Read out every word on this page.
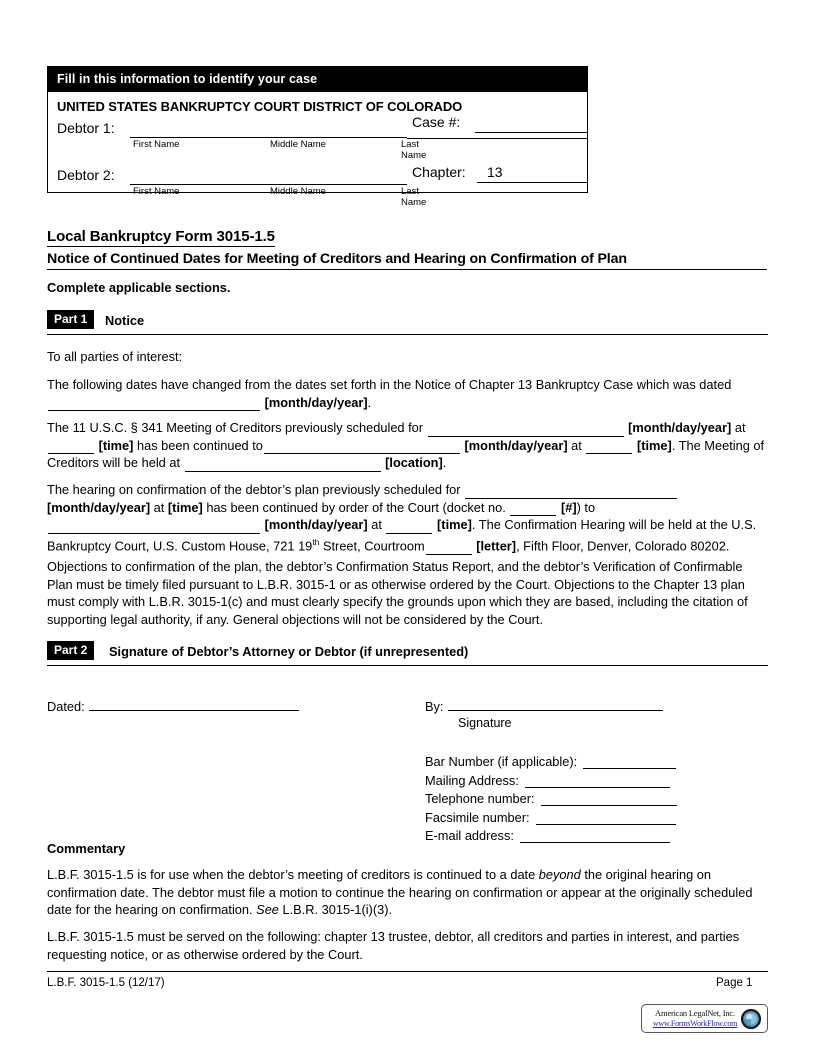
Fill in this information to identify your case
UNITED STATES BANKRUPTCY COURT DISTRICT OF COLORADO
Debtor 1:
First Name	Middle Name	Last Name
Debtor 2:
First Name	Middle Name	Last Name
Case #:
Chapter: 13
Local Bankruptcy Form 3015-1.5
Notice of Continued Dates for Meeting of Creditors and Hearing on Confirmation of Plan
Complete applicable sections.
Part 1	Notice
To all parties of interest:
The following dates have changed from the dates set forth in the Notice of Chapter 13 Bankruptcy Case which was dated
[month/day/year].
The 11 U.S.C. § 341 Meeting of Creditors previously scheduled for	[month/day/year] at  [time] has been continued to	[month/day/year] at	[time]. The Meeting of Creditors will be held at	[location].
The hearing on confirmation of the debtor’s plan previously scheduled for
[month/day/year] at [time] has been continued by order of the Court (docket no.	[#]) to
[month/day/year] at	[time]. The Confirmation Hearing will be held at the U.S. Bankruptcy Court, U.S. Custom House, 721 19th Street, Courtroom	[letter], Fifth Floor, Denver, Colorado 80202.
Objections to confirmation of the plan, the debtor’s Confirmation Status Report, and the debtor’s Verification of Confirmable Plan must be timely filed pursuant to L.B.R. 3015-1 or as otherwise ordered by the Court. Objections to the Chapter 13 plan must comply with L.B.R. 3015-1(c) and must clearly specify the grounds upon which they are based, including the citation of supporting legal authority, if any. General objections will not be considered by the Court.
Part 2	Signature of Debtor’s Attorney or Debtor (if unrepresented)
Dated:	By:
Signature
Bar Number (if applicable):
Mailing Address:
Telephone number:
Facsimile number:
E-mail address:
Commentary
L.B.F. 3015-1.5 is for use when the debtor’s meeting of creditors is continued to a date beyond the original hearing on confirmation date. The debtor must file a motion to continue the hearing on confirmation or appear at the originally scheduled date for the hearing on confirmation. See L.B.R. 3015-1(i)(3).
L.B.F. 3015-1.5 must be served on the following: chapter 13 trustee, debtor, all creditors and parties in interest, and parties requesting notice, or as otherwise ordered by the Court.
L.B.F. 3015-1.5 (12/17)	Page 1
American LegalNet, Inc.
www.FormsWorkFlow.com
